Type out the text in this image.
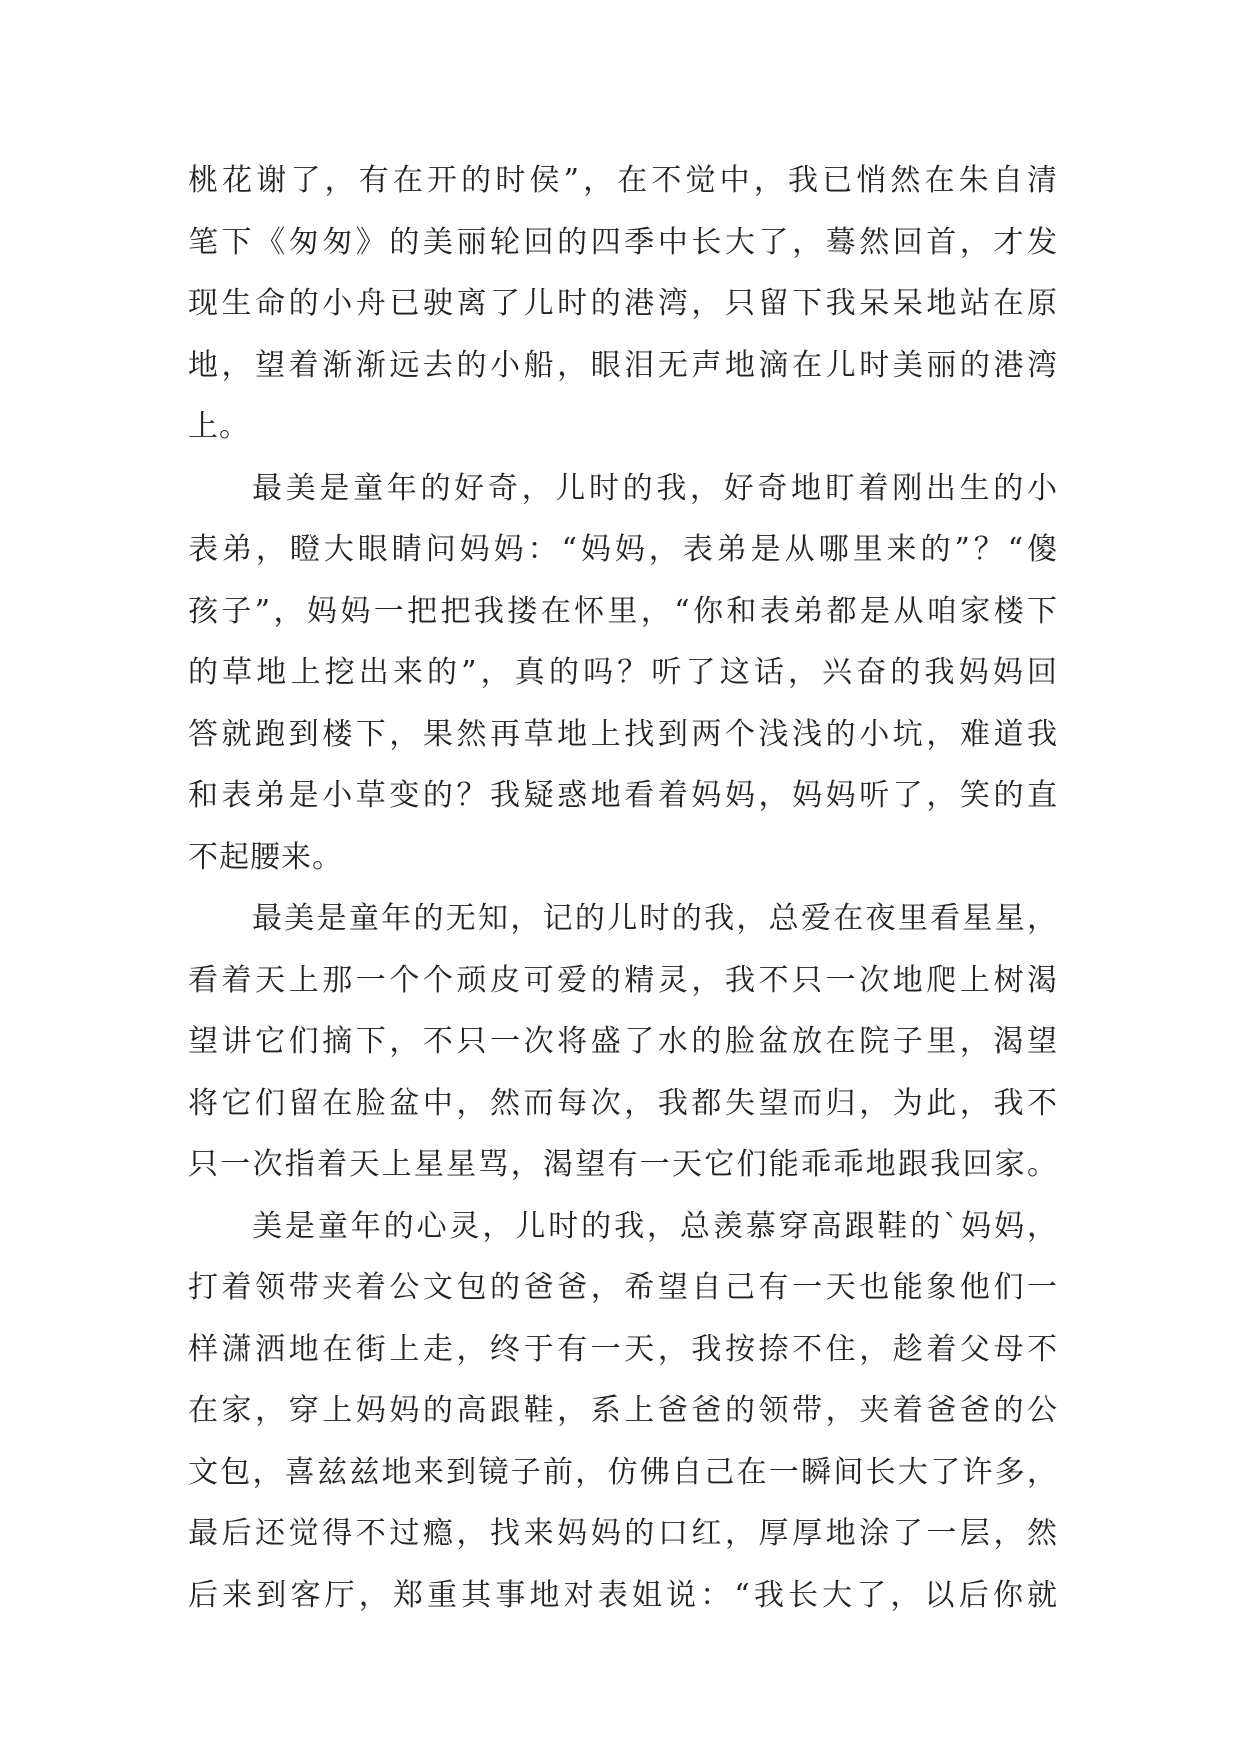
桃花谢了，有在开的时侯”，在不觉中，我已悄然在朱自清
笔下《匆匆》的美丽轮回的四季中长大了，蓦然回首，才发
现生命的小舟已驶离了儿时的港湾，只留下我呆呆地站在原
地，望着渐渐远去的小船，眼泪无声地滴在儿时美丽的港湾
上。
最美是童年的好奇，儿时的我，好奇地盯着刚出生的小
表弟，瞪大眼睛问妈妈：“妈妈，表弟是从哪里来的”？“傻
孩子”，妈妈一把把我搂在怀里，“你和表弟都是从咱家楼下
的草地上挖出来的”，真的吗？听了这话，兴奋的我妈妈回
答就跑到楼下，果然再草地上找到两个浅浅的小坑，难道我
和表弟是小草变的？我疑惑地看着妈妈，妈妈听了，笑的直
不起腰来。
最美是童年的无知，记的儿时的我，总爱在夜里看星星，
看着天上那一个个顽皮可爱的精灵，我不只一次地爬上树渴
望讲它们摘下，不只一次将盛了水的脸盆放在院子里，渴望
将它们留在脸盆中，然而每次，我都失望而归，为此，我不
只一次指着天上星星骂，渴望有一天它们能乖乖地跟我回家。
美是童年的心灵，儿时的我，总羡慕穿高跟鞋的`妈妈，
打着领带夹着公文包的爸爸，希望自己有一天也能象他们一
样潇洒地在街上走，终于有一天，我按捺不住，趁着父母不
在家，穿上妈妈的高跟鞋，系上爸爸的领带，夹着爸爸的公
文包，喜兹兹地来到镜子前，仿佛自己在一瞬间长大了许多，
最后还觉得不过瘾，找来妈妈的口红，厚厚地涂了一层，然
后来到客厅，郑重其事地对表姐说：“我长大了，以后你就
